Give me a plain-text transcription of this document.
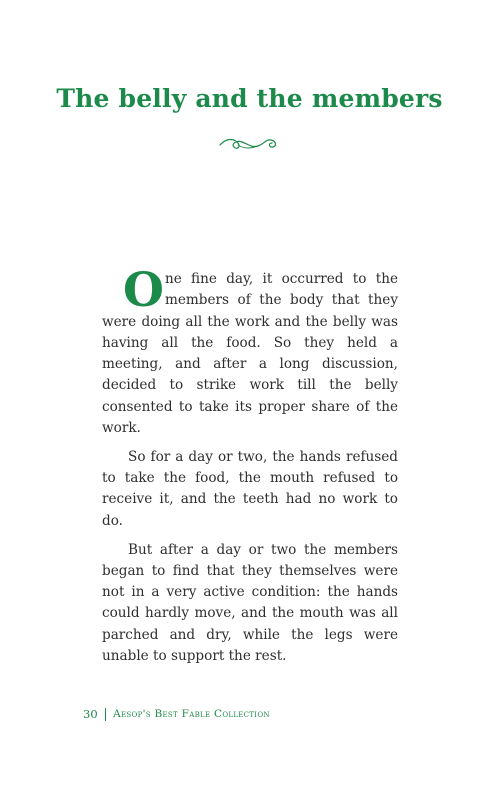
The belly and the members

One fine day, it occurred to the members of the body that they were doing all the work and the belly was having all the food. So they held a meeting, and after a long discussion, decided to strike work till the belly consented to take its proper share of the work.

So for a day or two, the hands refused to take the food, the mouth refused to receive it, and the teeth had no work to do.

But after a day or two the members began to find that they themselves were not in a very active condition: the hands could hardly move, and the mouth was all parched and dry, while the legs were unable to support the rest.

30 Aesop's Best Fable Collection
